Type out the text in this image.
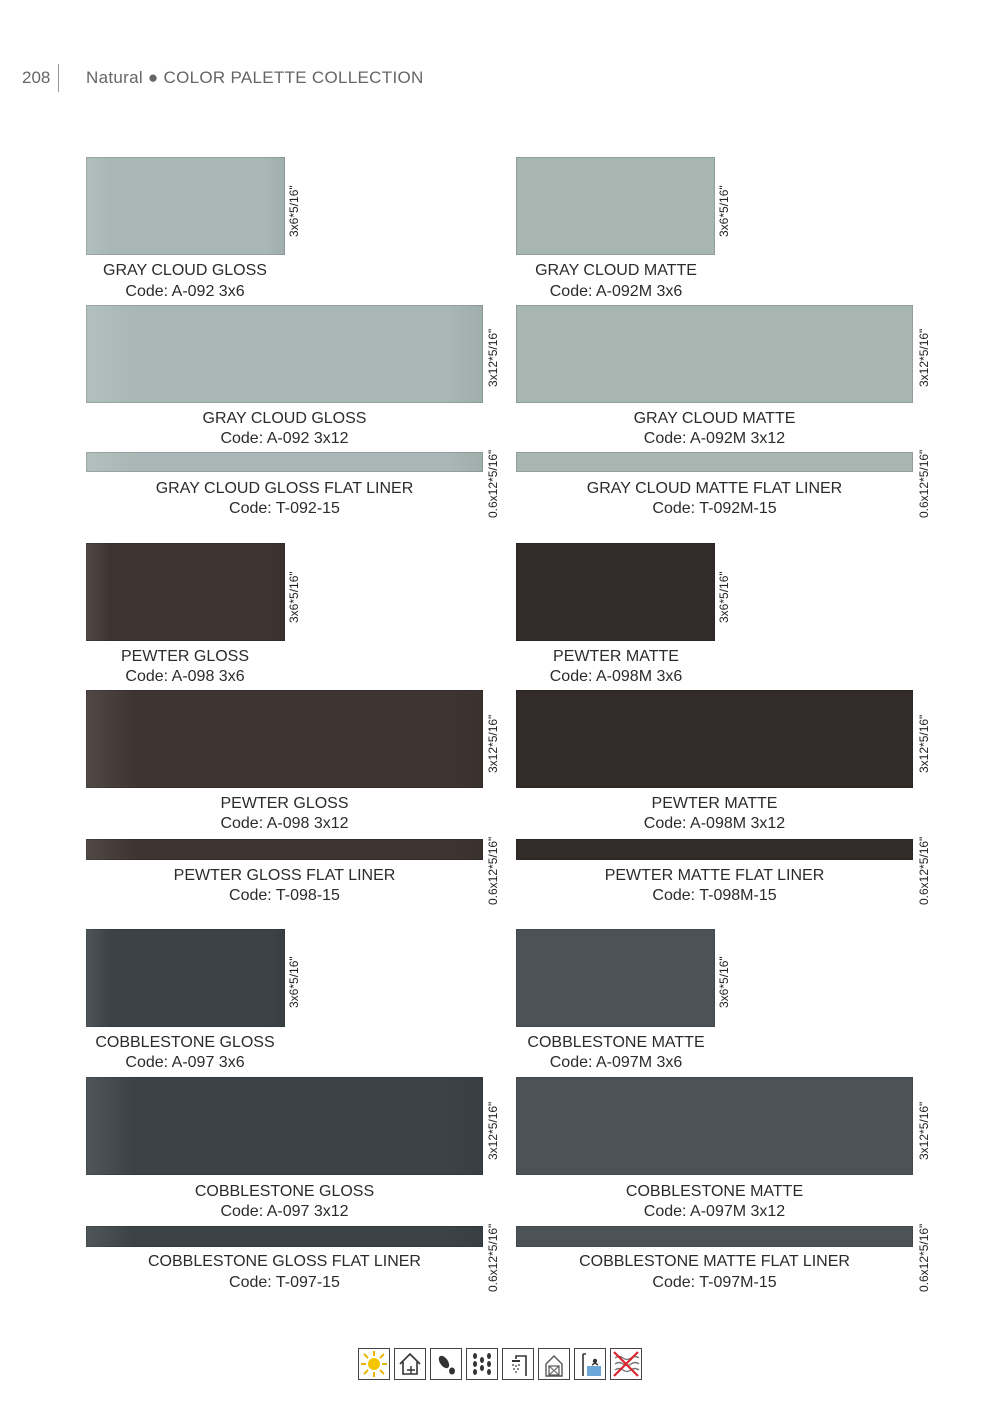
208 Natural ● COLOR PALETTE COLLECTION
3x6*5/16"
GRAY CLOUD GLOSS
Code: A-092 3x6
3x6*5/16"
GRAY CLOUD MATTE
Code: A-092M 3x6
3x12*5/16"
GRAY CLOUD GLOSS
Code: A-092 3x12
3x12*5/16"
GRAY CLOUD MATTE
Code: A-092M 3x12
0.6x12*5/16"
GRAY CLOUD GLOSS FLAT LINER
Code: T-092-15	0.6x12*5/16"
GRAY CLOUD MATTE FLAT LINER
Code: T-092M-15
3x6*5/16"
PEWTER GLOSS
Code: A-098 3x6
3x6*5/16"
PEWTER MATTE
Code: A-098M 3x6
3x12*5/16"
PEWTER GLOSS
Code: A-098 3x12
3x12*5/16"
PEWTER MATTE
Code: A-098M 3x12
0.6x12*5/16"
PEWTER GLOSS FLAT LINER
Code: T-098-15	0.6x12*5/16"
PEWTER MATTE FLAT LINER
Code: T-098M-15
3x6*5/16"
COBBLESTONE GLOSS
Code: A-097 3x6
3x6*5/16"
COBBLESTONE MATTE
Code: A-097M 3x6
3x12*5/16"
COBBLESTONE GLOSS
Code: A-097 3x12
3x12*5/16"
COBBLESTONE MATTE
Code: A-097M 3x12
0.6x12*5/16"
COBBLESTONE GLOSS FLAT LINER
Code: T-097-15	0.6x12*5/16"
COBBLESTONE MATTE FLAT LINER
Code: T-097M-15
